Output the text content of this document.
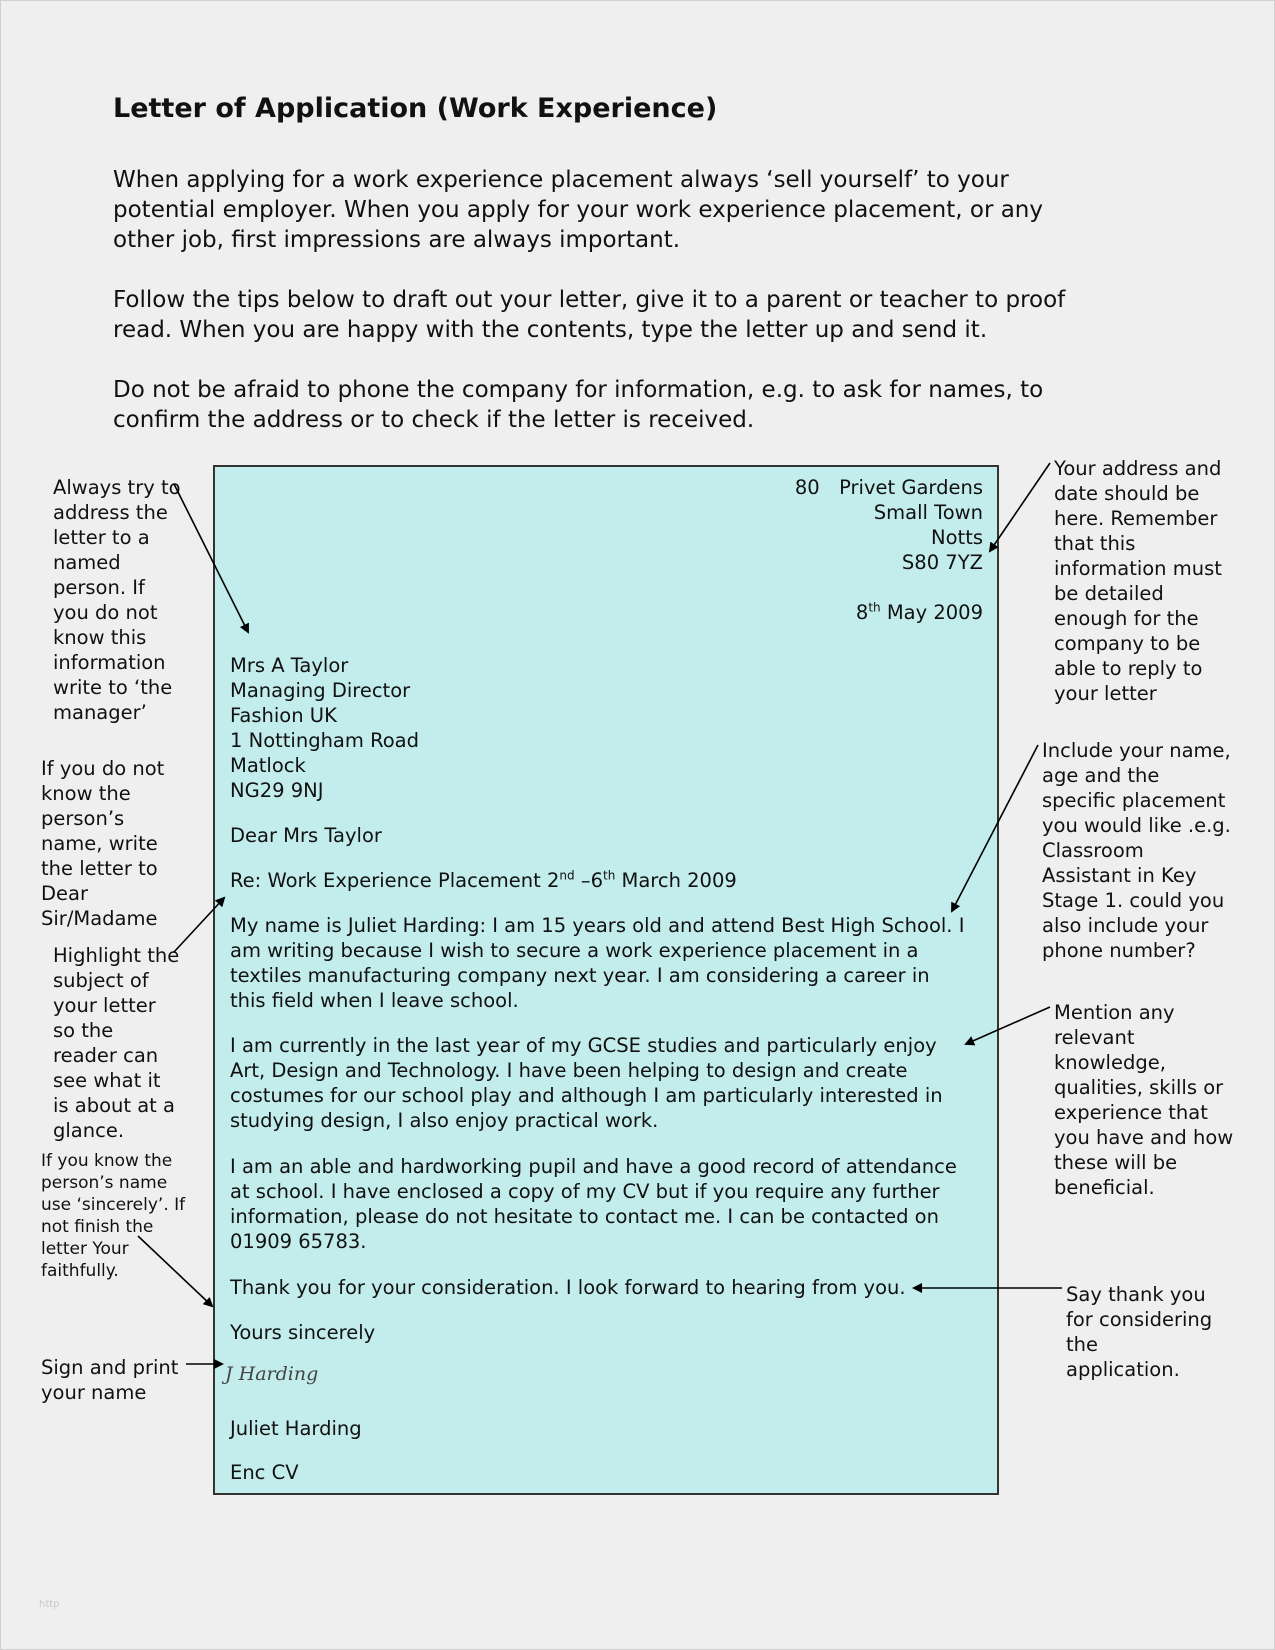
Letter of Application (Work Experience)

When applying for a work experience placement always ‘sell yourself’ to your potential employer. When you apply for your work experience placement, or any other job, first impressions are always important.

Follow the tips below to draft out your letter, give it to a parent or teacher to proof read. When you are happy with the contents, type the letter up and send it.

Do not be afraid to phone the company for information, e.g. to ask for names, to confirm the address or to check if the letter is received.

80 Privet Gardens
Small Town
Notts
S80 7YZ
8th May 2009
Mrs A Taylor
Managing Director
Fashion UK
1 Nottingham Road
Matlock
NG29 9NJ
Dear Mrs Taylor
Re: Work Experience Placement 2nd –6th March 2009

My name is Juliet Harding: I am 15 years old and attend Best High School. I am writing because I wish to secure a work experience placement in a textiles manufacturing company next year. I am considering a career in this field when I leave school.

I am currently in the last year of my GCSE studies and particularly enjoy Art, Design and Technology. I have been helping to design and create costumes for our school play and although I am particularly interested in studying design, I also enjoy practical work.

I am an able and hardworking pupil and have a good record of attendance at school. I have enclosed a copy of my CV but if you require any further information, please do not hesitate to contact me. I can be contacted on 01909 65783.

Thank you for your consideration. I look forward to hearing from you.

Yours sincerely
J Harding
Juliet Harding
Enc CV

Always try to address the letter to a named person. If you do not know this information write to ‘the manager’

If you do not know the person’s name, write the letter to Dear Sir/Madame

Highlight the subject of your letter so the reader can see what it is about at a glance.

If you know the person’s name use ‘sincerely’. If not finish the letter Your faithfully.

Sign and print your name

Your address and date should be here. Remember that this information must be detailed enough for the company to be able to reply to your letter

Include your name, age and the specific placement you would like .e.g. Classroom Assistant in Key Stage 1. could you also include your phone number?

Mention any relevant knowledge, qualities, skills or experience that you have and how these will be beneficial.

Say thank you for considering the application.

http
